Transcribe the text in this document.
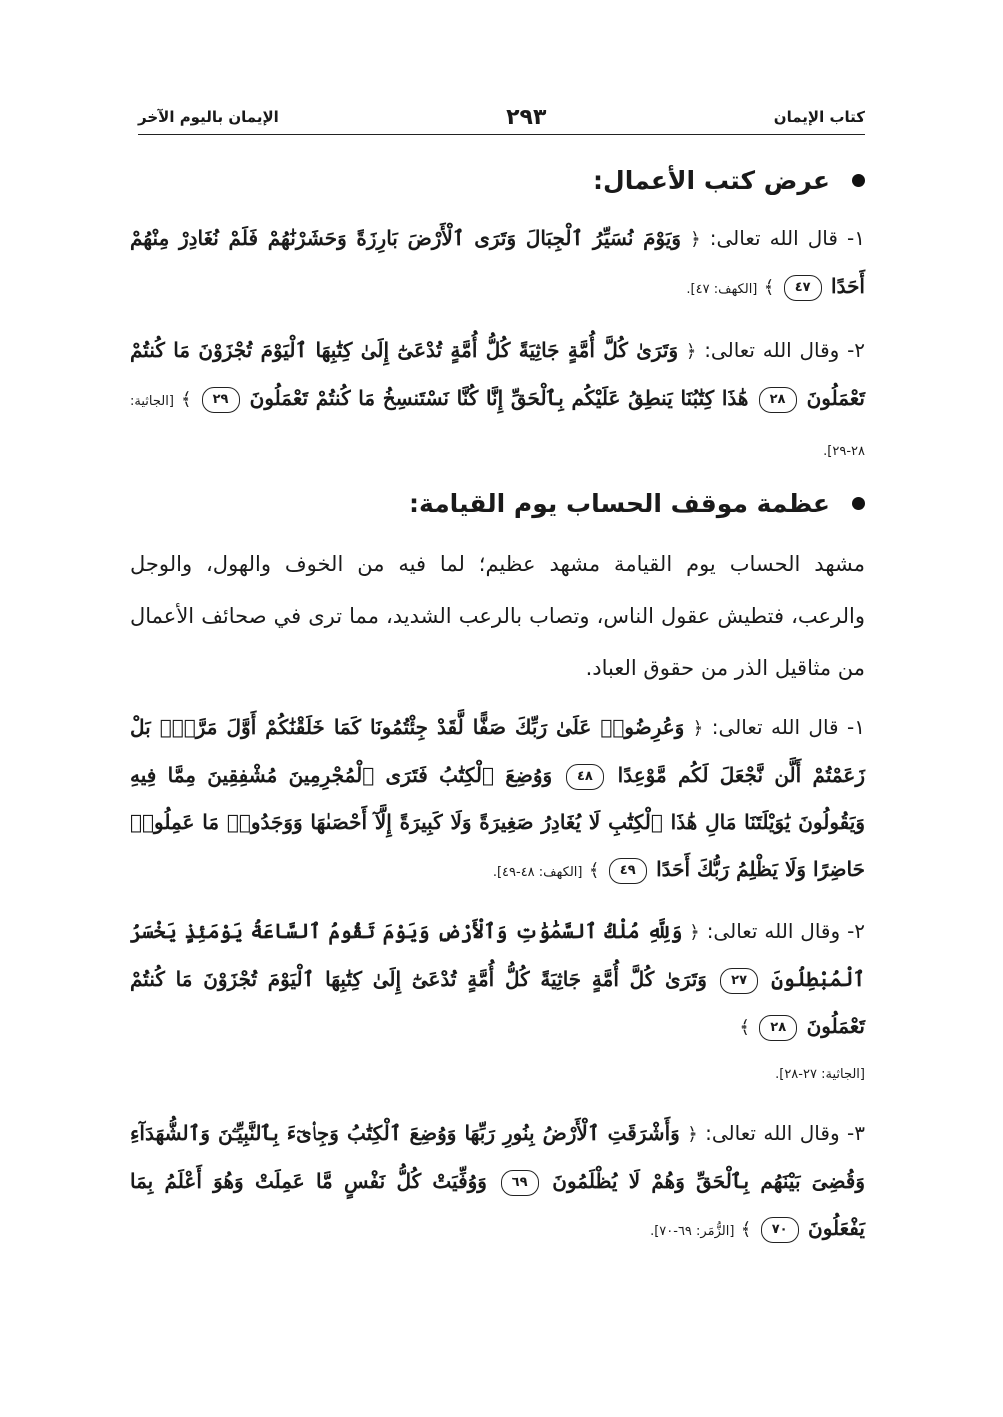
كتاب الإيمان
٢٩٣
الإيمان باليوم الآخر
عرض كتب الأعمال:
١- قال الله تعالى: ﴿ وَيَوْمَ نُسَيِّرُ ٱلْجِبَالَ وَتَرَى ٱلْأَرْضَ بَارِزَةً وَحَشَرْنَٰهُمْ فَلَمْ نُغَادِرْ مِنْهُمْ أَحَدًا ٤٧ ﴾ [الكهف: ٤٧].
٢- وقال الله تعالى: ﴿ وَتَرَىٰ كُلَّ أُمَّةٍ جَاثِيَةً كُلُّ أُمَّةٍ تُدْعَىٰٓ إِلَىٰ كِتَٰبِهَا ٱلْيَوْمَ تُجْزَوْنَ مَا كُنتُمْ تَعْمَلُونَ ٢٨ هَٰذَا كِتَٰبُنَا يَنطِقُ عَلَيْكُم بِٱلْحَقِّ إِنَّا كُنَّا نَسْتَنسِخُ مَا كُنتُمْ تَعْمَلُونَ ٢٩ ﴾ [الجاثية: ٢٨-٢٩].
عظمة موقف الحساب يوم القيامة:
مشهد الحساب يوم القيامة مشهد عظيم؛ لما فيه من الخوف والهول، والوجل والرعب، فتطيش عقول الناس، وتصاب بالرعب الشديد، مما ترى في صحائف الأعمال من مثاقيل الذر من حقوق العباد.
١- قال الله تعالى: ﴿ وَعُرِضُوا۟ عَلَىٰ رَبِّكَ صَفًّا لَّقَدْ جِئْتُمُونَا كَمَا خَلَقْنَٰكُمْ أَوَّلَ مَرَّةٍۭ بَلْ زَعَمْتُمْ أَلَّن نَّجْعَلَ لَكُم مَّوْعِدًا ٤٨ وَوُضِعَ ٱلْكِتَٰبُ فَتَرَى ٱلْمُجْرِمِينَ مُشْفِقِينَ مِمَّا فِيهِ وَيَقُولُونَ يَٰوَيْلَتَنَا مَالِ هَٰذَا ٱلْكِتَٰبِ لَا يُغَادِرُ صَغِيرَةً وَلَا كَبِيرَةً إِلَّآ أَحْصَىٰهَا وَوَجَدُوا۟ مَا عَمِلُوا۟ حَاضِرًا وَلَا يَظْلِمُ رَبُّكَ أَحَدًا ٤٩ ﴾ [الكهف: ٤٨-٤٩].
٢- وقال الله تعالى: ﴿ وَلِلَّهِ مُلْكُ ٱلسَّمَٰوَٰتِ وَٱلْأَرْضِ وَيَوْمَ تَقُومُ ٱلسَّاعَةُ يَوْمَئِذٍ يَخْسَرُ ٱلْمُبْطِلُونَ ٢٧ وَتَرَىٰ كُلَّ أُمَّةٍ جَاثِيَةً كُلُّ أُمَّةٍ تُدْعَىٰٓ إِلَىٰ كِتَٰبِهَا ٱلْيَوْمَ تُجْزَوْنَ مَا كُنتُمْ تَعْمَلُونَ ٢٨ ﴾
[الجاثية: ٢٧-٢٨].
٣- وقال الله تعالى: ﴿ وَأَشْرَقَتِ ٱلْأَرْضُ بِنُورِ رَبِّهَا وَوُضِعَ ٱلْكِتَٰبُ وَجِا۟ىٓءَ بِٱلنَّبِيِّـۧنَ وَٱلشُّهَدَآءِ وَقُضِىَ بَيْنَهُم بِٱلْحَقِّ وَهُمْ لَا يُظْلَمُونَ ٦٩ وَوُفِّيَتْ كُلُّ نَفْسٍ مَّا عَمِلَتْ وَهُوَ أَعْلَمُ بِمَا يَفْعَلُونَ ٧٠ ﴾ [الزُّمَر: ٦٩-٧٠].
